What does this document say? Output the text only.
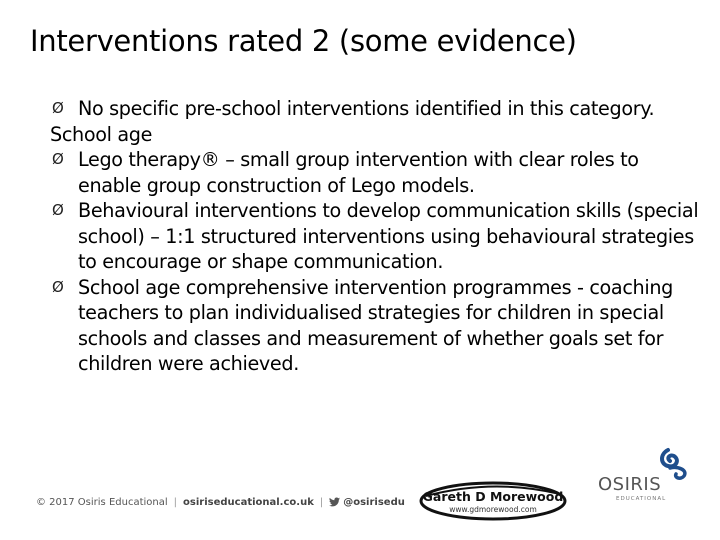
Interventions rated 2 (some evidence)
Ø No specific pre-school interventions identified in this category.
School age
Ø Lego therapy® – small group intervention with clear roles to enable group construction of Lego models.
Ø Behavioural interventions to develop communication skills (special school) – 1:1 structured interventions using behavioural strategies to encourage or shape communication.
Ø School age comprehensive intervention programmes - coaching teachers to plan individualised strategies for children in special schools and classes and measurement of whether goals set for children were achieved.
© 2017 Osiris Educational | osiriseducational.co.uk | @osirisedu	Gareth D Morewood
www.gdmorewood.com
OSIRIS
EDUCATIONAL
